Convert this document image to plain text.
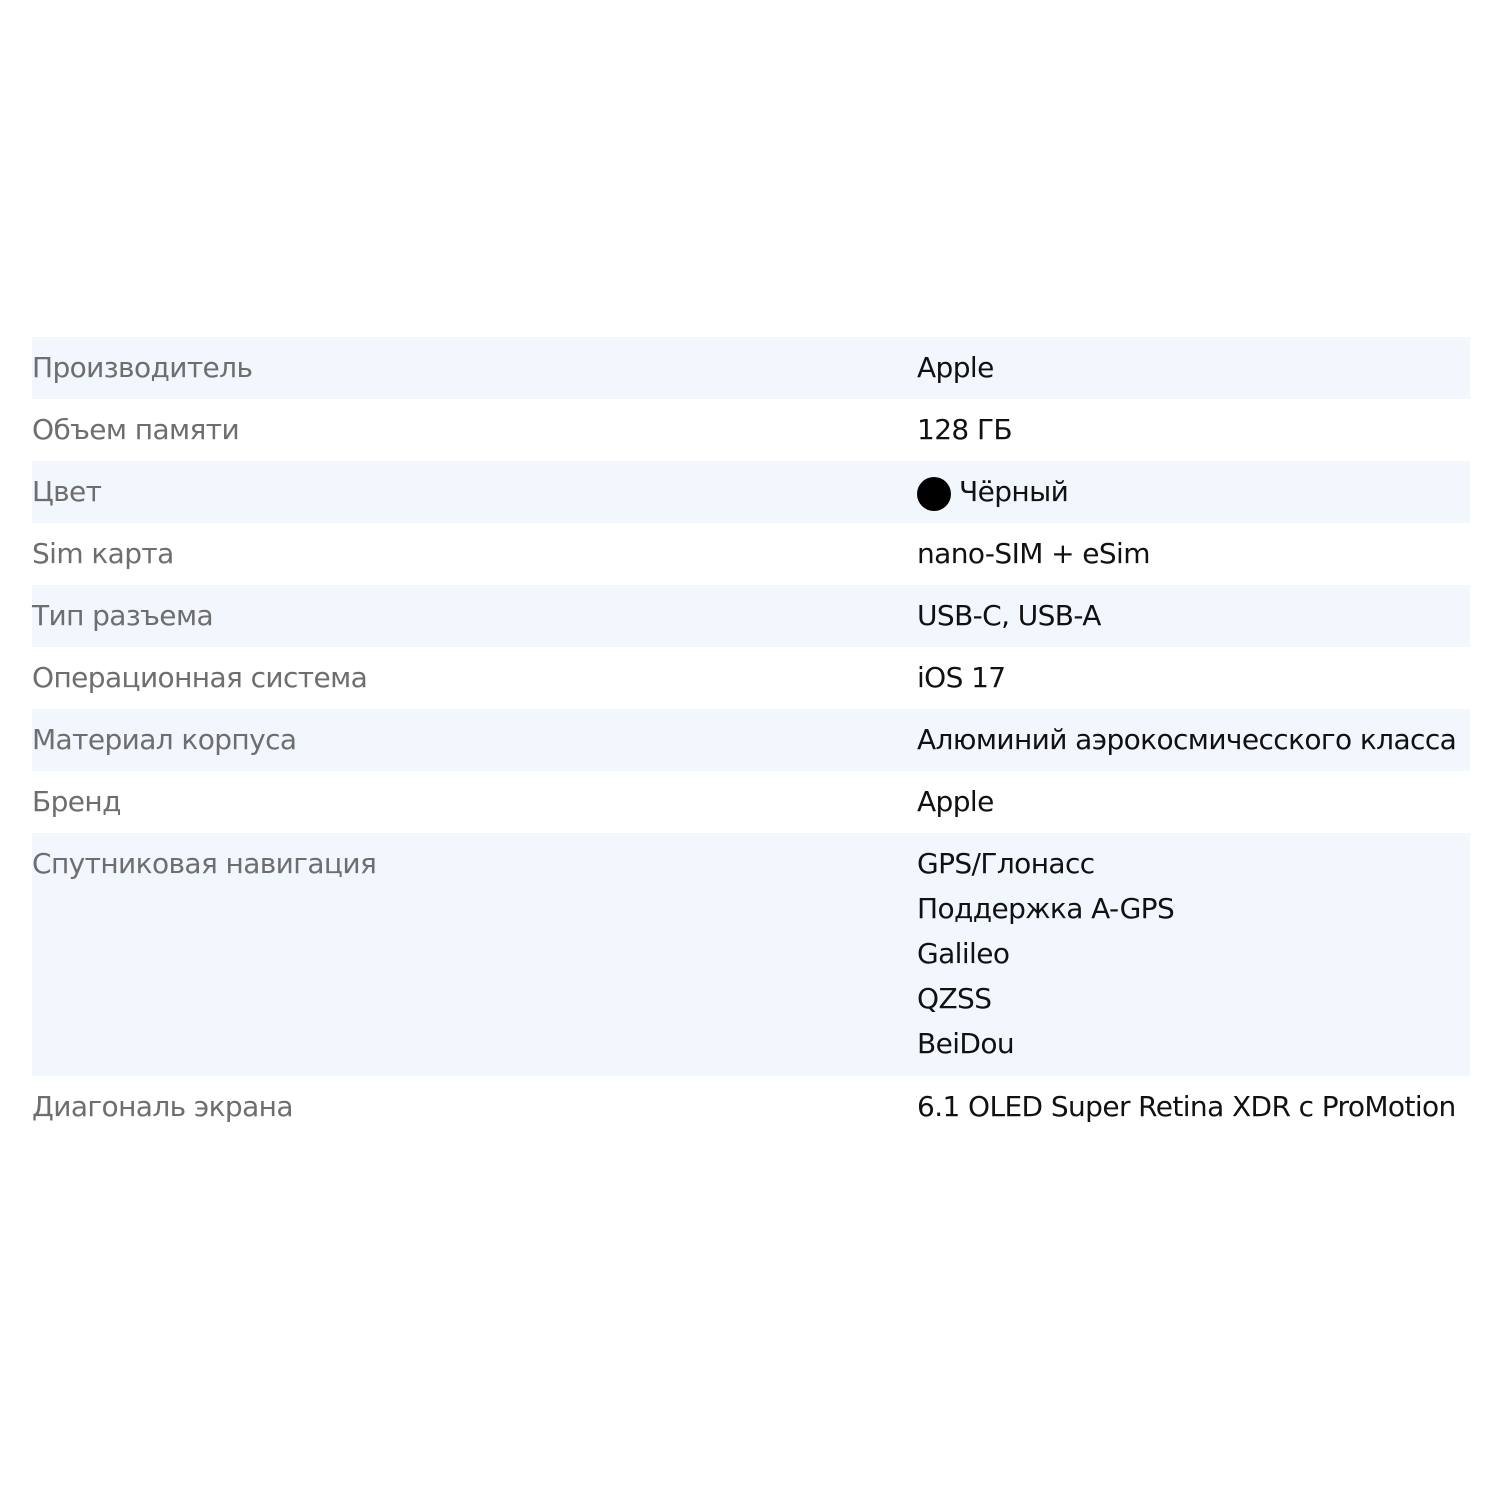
Производитель	Apple
Объем памяти	128 ГБ
Цвет	Чёрный
Sim карта	nano-SIM + eSim
Тип разъема	USB-C, USB-A
Операционная система	iOS 17
Материал корпуса	Алюминий аэрокосмичесского класса
Бренд	Apple
Спутниковая навигация	GPS/Глонасс
Поддержка A-GPS
Galileo
QZSS
BeiDou
Диагональ экрана	6.1 OLED Super Retina XDR с ProMotion
